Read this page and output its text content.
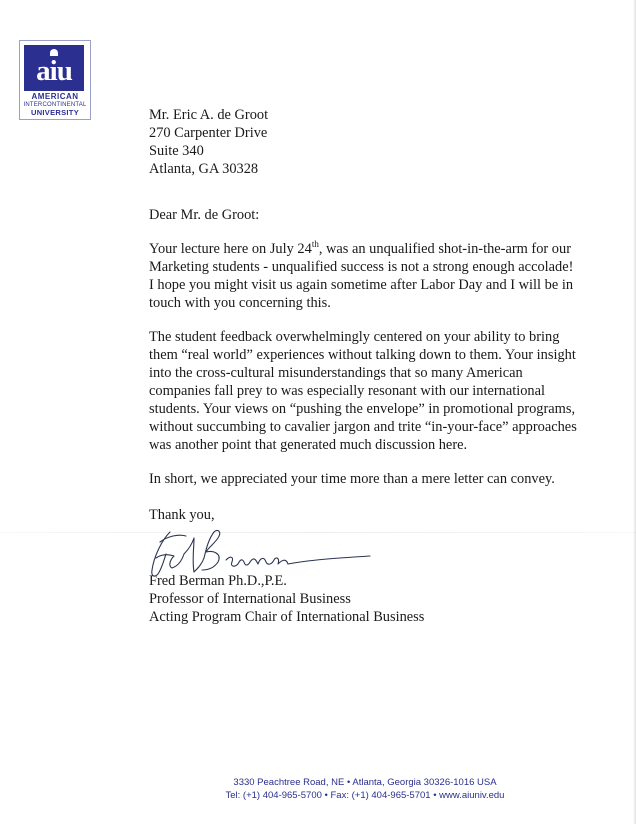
aiu
AMERICAN
INTERCONTINENTAL
UNIVERSITY	Mr. Eric A. de Groot
270 Carpenter Drive
Suite 340
Atlanta, GA 30328

Dear Mr. de Groot:

Your lecture here on July 24th, was an unqualified shot-in-the-arm for our Marketing students - unqualified success is not a strong enough accolade! I hope you might visit us again sometime after Labor Day and I will be in touch with you concerning this.

The student feedback overwhelmingly centered on your ability to bring them “real world” experiences without talking down to them. Your insight into the cross-cultural misunderstandings that so many American companies fall prey to was especially resonant with our international students. Your views on “pushing the envelope” in promotional programs, without succumbing to cavalier jargon and trite “in-your-face” approaches was another point that generated much discussion here.

In short, we appreciated your time more than a mere letter can convey.

Thank you,

Fred Berman Ph.D.,P.E.
Professor of International Business
Acting Program Chair of International Business
3330 Peachtree Road, NE • Atlanta, Georgia 30326-1016 USA
Tel: (+1) 404-965-5700 • Fax: (+1) 404-965-5701 • www.aiuniv.edu
